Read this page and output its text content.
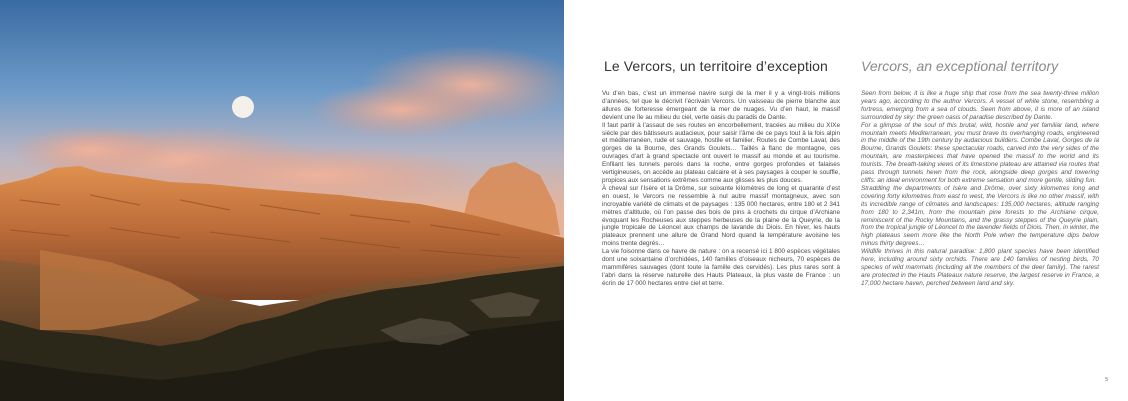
Le Vercors, un territoire d’exception Vercors, an exceptional territory

Vu d’en bas, c’est un immense navire surgi de la mer il y a vingt-trois millions d’années, tel que le décrivit l’écrivain Vercors. Un vaisseau de pierre blanche aux allures de forteresse émergeant de la mer de nuages. Vu d’en haut, le massif devient une île au milieu du ciel, verte oasis du paradis de Dante.

Il faut partir à l’assaut de ses routes en encorbellement, tracées au milieu du XIXe siècle par des bâtisseurs audacieux, pour saisir l’âme de ce pays tout à la fois alpin et méditerranéen, rude et sauvage, hostile et familier. Routes de Combe Laval, des gorges de la Bourne, des Grands Goulets… Taillés à flanc de montagne, ces ouvrages d’art à grand spectacle ont ouvert le massif au monde et au tourisme. Enfilant les tunnels percés dans la roche, entre gorges profondes et falaises vertigineuses, on accède au plateau calcaire et à ses paysages à couper le souffle, propices aux sensations extrêmes comme aux glisses les plus douces.

À cheval sur l’Isère et la Drôme, sur soixante kilomètres de long et quarante d’est en ouest, le Vercors ne ressemble à nul autre massif montagneux, avec son incroyable variété de climats et de paysages : 135 000 hectares, entre 180 et 2 341 mètres d’altitude, où l’on passe des bois de pins à crochets du cirque d’Archiane évoquant les Rocheuses aux steppes herbeuses de la plaine de la Queyrie, de la jungle tropicale de Léoncel aux champs de lavande du Diois. En hiver, les hauts plateaux prennent une allure de Grand Nord quand la température avoisine les moins trente degrés…

La vie foisonne dans ce havre de nature : on a recensé ici 1 800 espèces végétales dont une soixantaine d’orchidées, 140 familles d’oiseaux nicheurs, 70 espèces de mammifères sauvages (dont toute la famille des cervidés). Les plus rares sont à l’abri dans la réserve naturelle des Hauts Plateaux, la plus vaste de France : un écrin de 17 000 hectares entre ciel et terre.

Seen from below, it is like a huge ship that rose from the sea twenty-three million years ago, according to the author Vercors. A vessel of white stone, resembling a fortress, emerging from a sea of clouds. Seen from above, it is more of an island surrounded by sky: the green oasis of paradise described by Dante.

For a glimpse of the soul of this brutal, wild, hostile and yet familiar land, where mountain meets Mediterranean, you must brave its overhanging roads, engineered in the middle of the 19th century by audacious builders. Combe Laval, Gorges de la Bourne, Grands Goulets: these spectacular roads, carved into the very sides of the mountain, are masterpieces that have opened the massif to the world and its tourists. The breath-taking views of its limestone plateau are attained via routes that pass through tunnels hewn from the rock, alongside deep gorges and towering cliffs: an ideal environment for both extreme sensation and more gentle, sliding fun.

Straddling the departments of Isère and Drôme, over sixty kilometres long and covering forty kilometres from east to west, the Vercors is like no other massif, with its incredible range of climates and landscapes: 135,000 hectares, altitude ranging from 180 to 2,341m, from the mountain pine forests to the Archiane cirque, reminiscent of the Rocky Mountains, and the grassy steppes of the Queyrie plain, from the tropical jungle of Léoncel to the lavender fields of Diois. Then, in winter, the high plateaus seem more like the North Pole when the temperature dips below minus thirty degrees…

Wildlife thrives in this natural paradise: 1,800 plant species have been identified here, including around sixty orchids. There are 140 families of nesting birds, 70 species of wild mammals (including all the members of the deer family). The rarest are protected in the Hauts Plateaux nature reserve, the largest reserve in France, a 17,000 hectare haven, perched between land and sky.

5
